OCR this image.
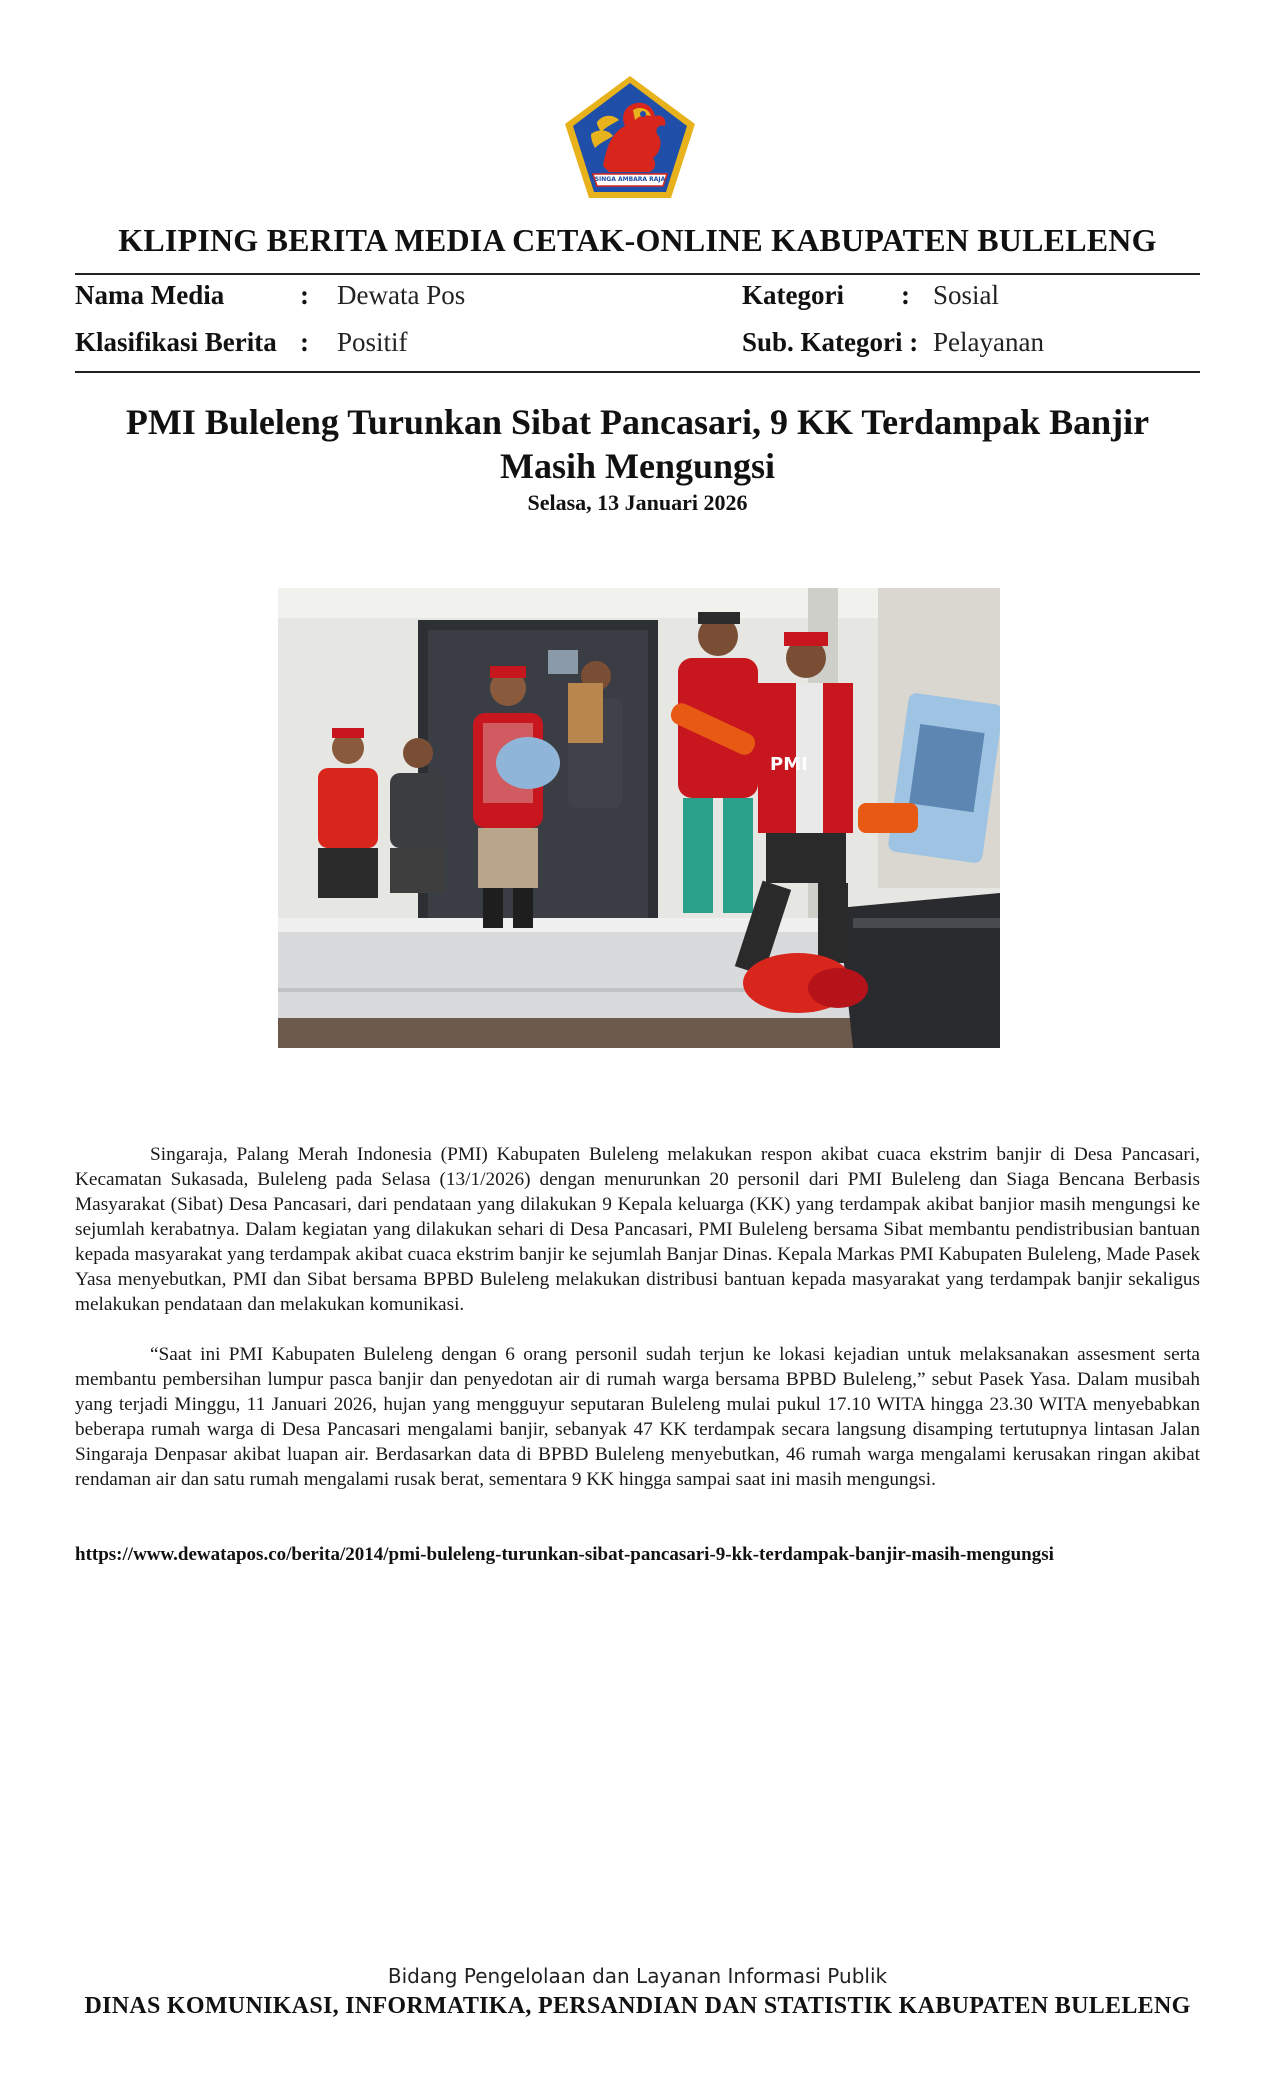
SINGA AMBARA RAJA
KLIPING BERITA MEDIA CETAK-ONLINE KABUPATEN BULELENG
Nama Media	: Dewata Pos	Kategori : Sosial
Klasifikasi Berita : Positif	Sub. Kategori : Pelayanan
PMI Buleleng Turunkan Sibat Pancasari, 9 KK Terdampak Banjir Masih Mengungsi
Selasa, 13 Januari 2026
PMI

Singaraja, Palang Merah Indonesia (PMI) Kabupaten Buleleng melakukan respon akibat cuaca ekstrim banjir di Desa Pancasari, Kecamatan Sukasada, Buleleng pada Selasa (13/1/2026) dengan menurunkan 20 personil dari PMI Buleleng dan Siaga Bencana Berbasis Masyarakat (Sibat) Desa Pancasari, dari pendataan yang dilakukan 9 Kepala keluarga (KK) yang terdampak akibat banjior masih mengungsi ke sejumlah kerabatnya. Dalam kegiatan yang dilakukan sehari di Desa Pancasari, PMI Buleleng bersama Sibat membantu pendistribusian bantuan kepada masyarakat yang terdampak akibat cuaca ekstrim banjir ke sejumlah Banjar Dinas. Kepala Markas PMI Kabupaten Buleleng, Made Pasek Yasa menyebutkan, PMI dan Sibat bersama BPBD Buleleng melakukan distribusi bantuan kepada masyarakat yang terdampak banjir sekaligus melakukan pendataan dan melakukan komunikasi.

“Saat ini PMI Kabupaten Buleleng dengan 6 orang personil sudah terjun ke lokasi kejadian untuk melaksanakan assesment serta membantu pembersihan lumpur pasca banjir dan penyedotan air di rumah warga bersama BPBD Buleleng,” sebut Pasek Yasa. Dalam musibah yang terjadi Minggu, 11 Januari 2026, hujan yang mengguyur seputaran Buleleng mulai pukul 17.10 WITA hingga 23.30 WITA menyebabkan beberapa rumah warga di Desa Pancasari mengalami banjir, sebanyak 47 KK terdampak secara langsung disamping tertutupnya lintasan Jalan Singaraja Denpasar akibat luapan air. Berdasarkan data di BPBD Buleleng menyebutkan, 46 rumah warga mengalami kerusakan ringan akibat rendaman air dan satu rumah mengalami rusak berat, sementara 9 KK hingga sampai saat ini masih mengungsi.

https://www.dewatapos.co/berita/2014/pmi-buleleng-turunkan-sibat-pancasari-9-kk-terdampak-banjir-masih-mengungsi
Bidang Pengelolaan dan Layanan Informasi Publik
DINAS KOMUNIKASI, INFORMATIKA, PERSANDIAN DAN STATISTIK KABUPATEN BULELENG
